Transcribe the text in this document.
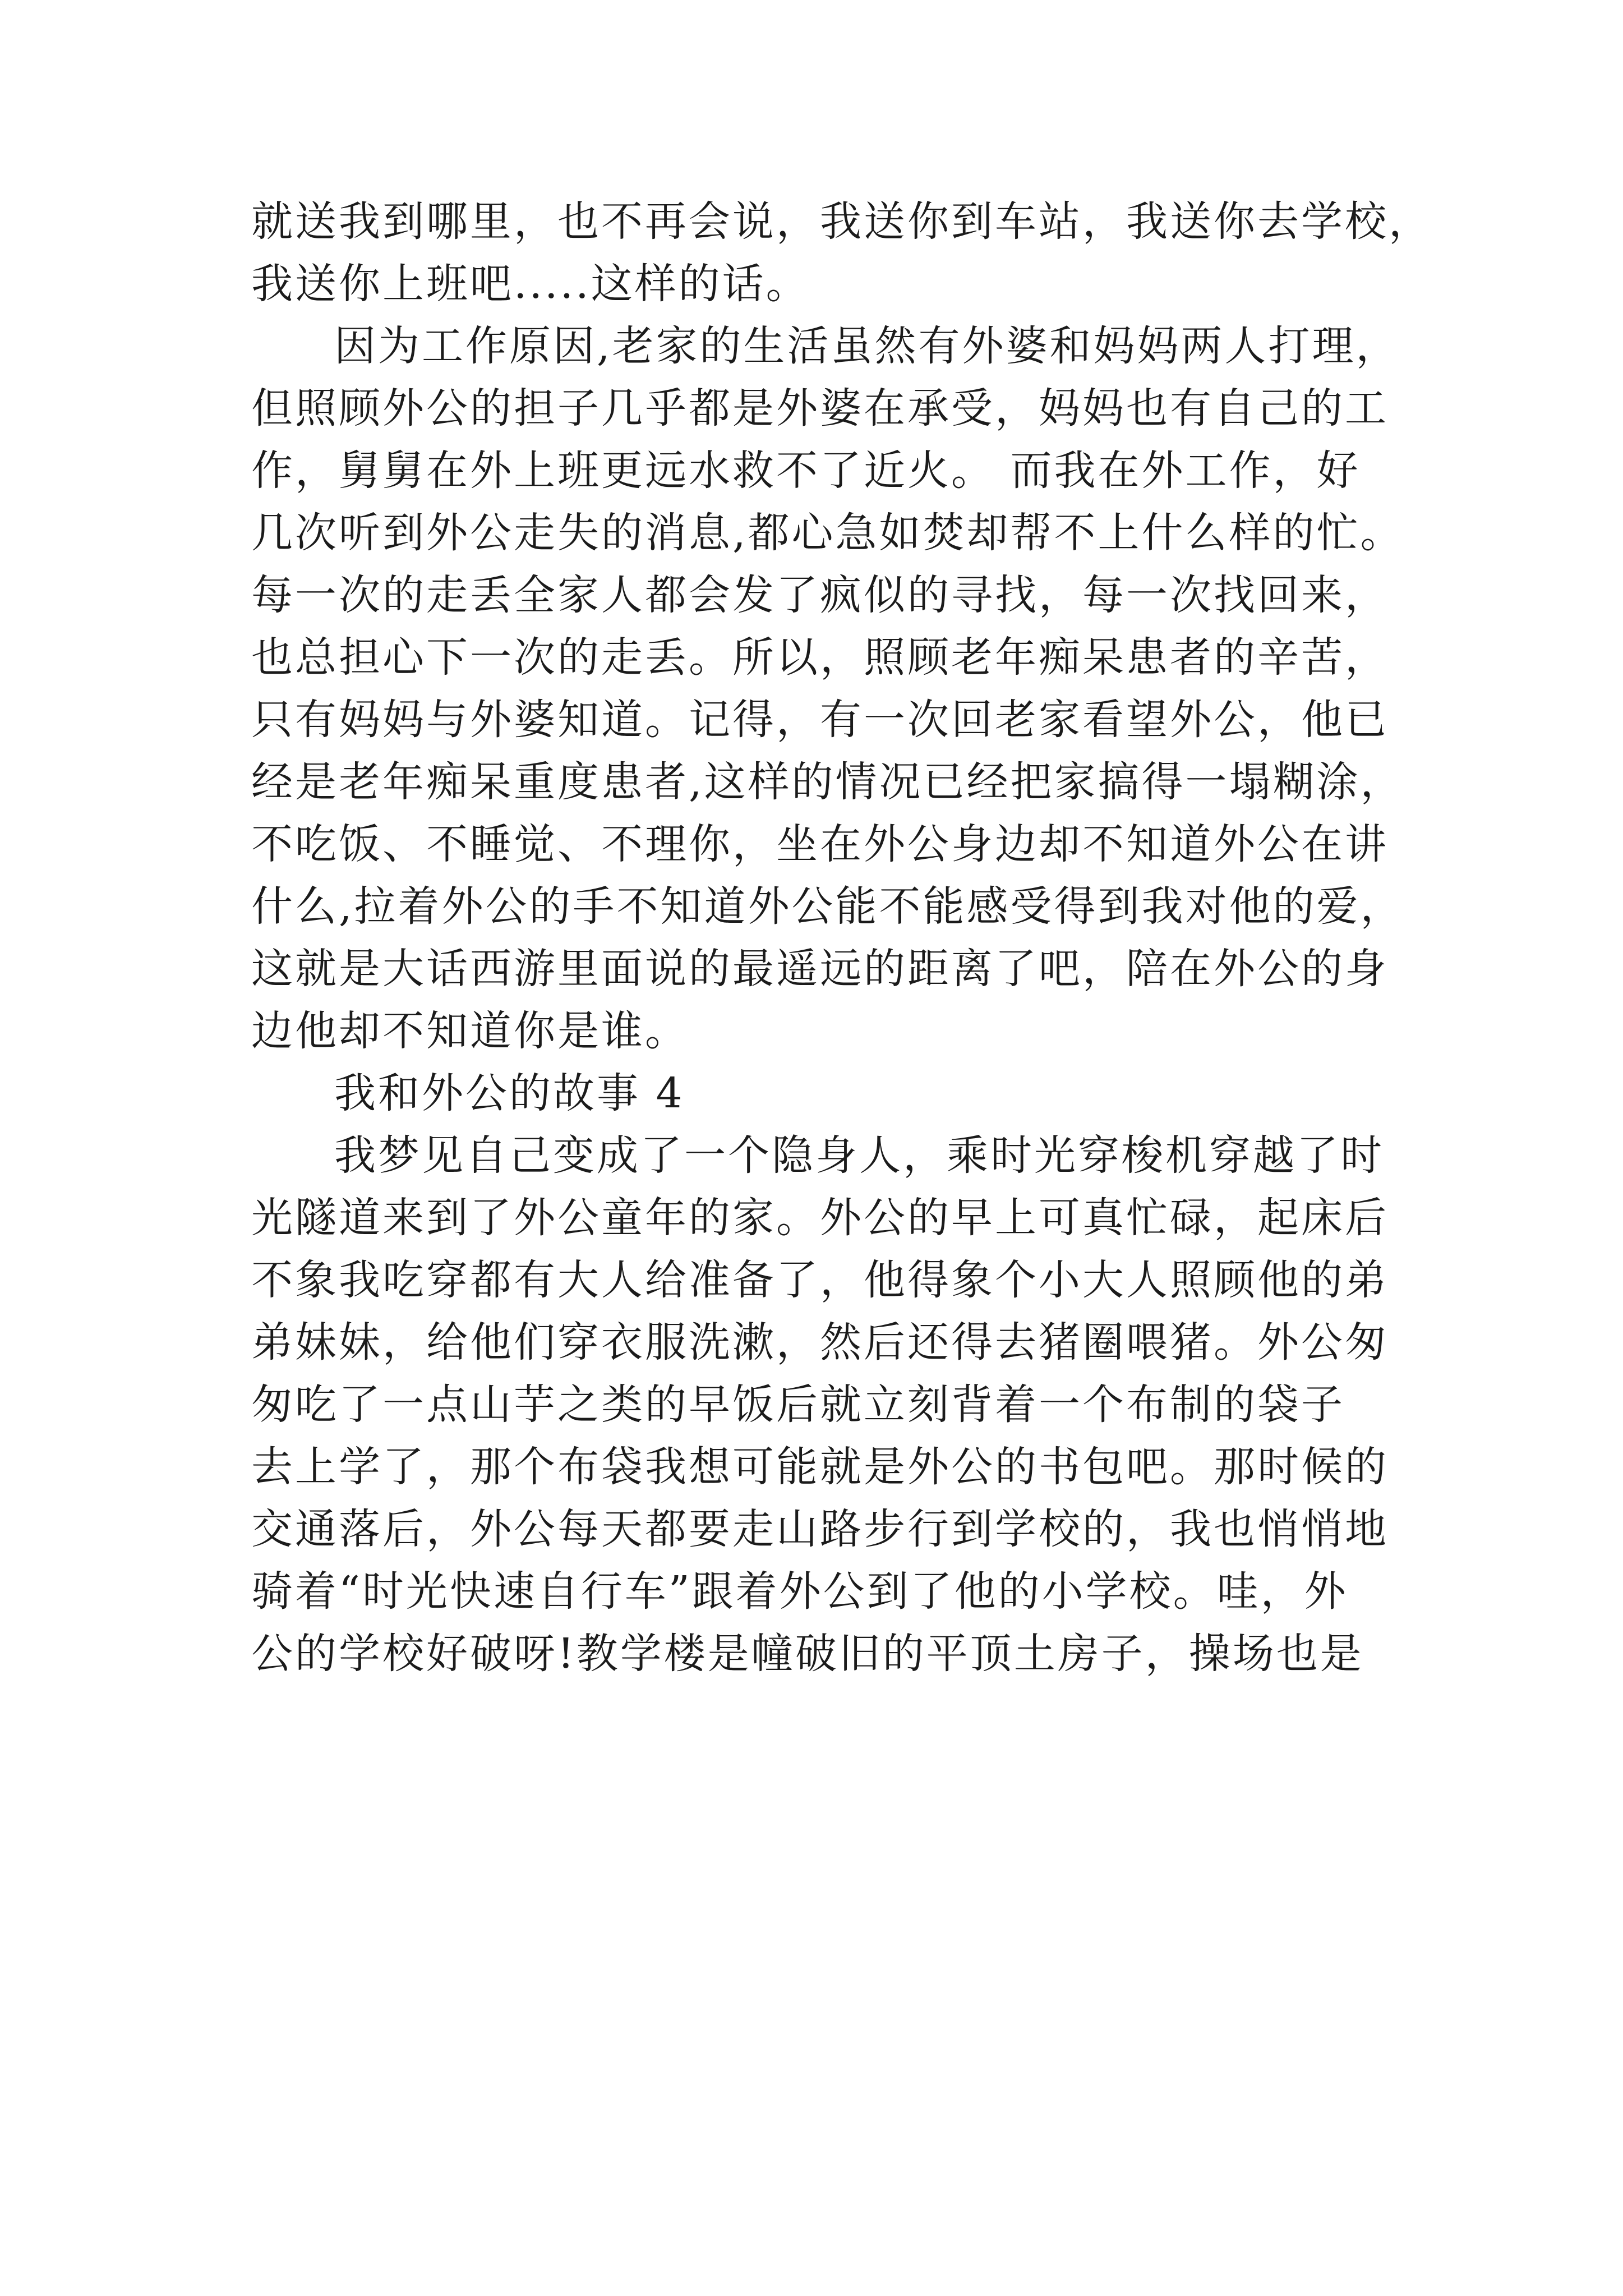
就送我到哪里，也不再会说，我送你到车站，我送你去学校，
我送你上班吧.....这样的话。
因为工作原因,老家的生活虽然有外婆和妈妈两人打理，
但照顾外公的担子几乎都是外婆在承受，妈妈也有自己的工
作，舅舅在外上班更远水救不了近火。 而我在外工作，好
几次听到外公走失的消息,都心急如焚却帮不上什么样的忙。
每一次的走丢全家人都会发了疯似的寻找，每一次找回来，
也总担心下一次的走丢。所以，照顾老年痴呆患者的辛苦，
只有妈妈与外婆知道。记得，有一次回老家看望外公，他已
经是老年痴呆重度患者,这样的情况已经把家搞得一塌糊涂，
不吃饭、不睡觉、不理你，坐在外公身边却不知道外公在讲
什么,拉着外公的手不知道外公能不能感受得到我对他的爱，
这就是大话西游里面说的最遥远的距离了吧，陪在外公的身
边他却不知道你是谁。
我和外公的故事 4
我梦见自己变成了一个隐身人，乘时光穿梭机穿越了时
光隧道来到了外公童年的家。外公的早上可真忙碌，起床后
不象我吃穿都有大人给准备了，他得象个小大人照顾他的弟
弟妹妹，给他们穿衣服洗漱，然后还得去猪圈喂猪。外公匆
匆吃了一点山芋之类的早饭后就立刻背着一个布制的袋子
去上学了，那个布袋我想可能就是外公的书包吧。那时候的
交通落后，外公每天都要走山路步行到学校的，我也悄悄地
骑着“时光快速自行车”跟着外公到了他的小学校。哇，外
公的学校好破呀!教学楼是幢破旧的平顶土房子，操场也是
